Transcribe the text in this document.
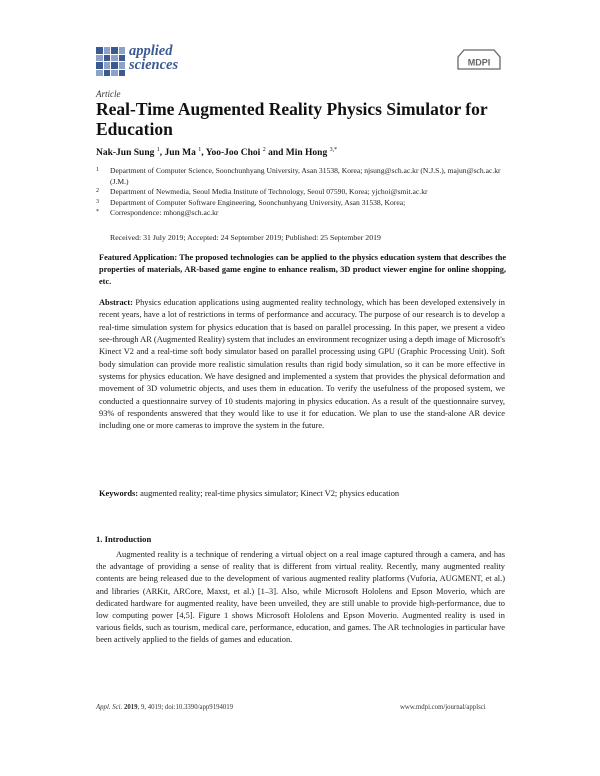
applied
sciences	MDPI
Article
Real-Time Augmented Reality Physics Simulator for Education
Nak-Jun Sung $^1$, Jun Ma $^1$, Yoo-Joo Choi $^2$ and Min Hong $^{3,*}$
1	Department of Computer Science, Soonchunhyang University, Asan 31538, Korea; njsung@sch.ac.kr (N.J.S.), majun@sch.ac.kr (J.M.)
2	Department of Newmedia, Seoul Media Institute of Technology, Seoul 07590, Korea; yjchoi@smit.ac.kr
3	Department of Computer Software Engineering, Soonchunhyang University, Asan 31538, Korea;
*	Correspondence: mhong@sch.ac.kr
Received: 31 July 2019; Accepted: 24 September 2019; Published: 25 September 2019
Featured Application: The proposed technologies can be applied to the physics education system that describes the properties of materials, AR-based game engine to enhance realism, 3D product viewer engine for online shopping, etc.
Abstract: Physics education applications using augmented reality technology, which has been developed extensively in recent years, have a lot of restrictions in terms of performance and accuracy. The purpose of our research is to develop a real-time simulation system for physics education that is based on parallel processing. In this paper, we present a video see-through AR (Augmented Reality) system that includes an environment recognizer using a depth image of Microsoft's Kinect V2 and a real-time soft body simulator based on parallel processing using GPU (Graphic Processing Unit). Soft body simulation can provide more realistic simulation results than rigid body simulation, so it can be more effective in systems for physics education. We have designed and implemented a system that provides the physical deformation and movement of 3D volumetric objects, and uses them in education. To verify the usefulness of the proposed system, we conducted a questionnaire survey of 10 students majoring in physics education. As a result of the questionnaire survey, 93% of respondents answered that they would like to use it for education. We plan to use the stand-alone AR device including one or more cameras to improve the system in the future.
Keywords: augmented reality; real-time physics simulator; Kinect V2; physics education
1. Introduction
Augmented reality is a technique of rendering a virtual object on a real image captured through a camera, and has the advantage of providing a sense of reality that is different from virtual reality. Recently, many augmented reality contents are being released due to the development of various augmented reality platforms (Vuforia, AUGMENT, et al.) and libraries (ARKit, ARCore, Maxst, et al.) [1–3]. Also, while Microsoft Hololens and Epson Moverio, which are dedicated hardware for augmented reality, have been unveiled, they are still unable to provide high-performance, due to low computing power [4,5]. Figure 1 shows Microsoft Hololens and Epson Moverio. Augmented reality is used in various fields, such as tourism, medical care, performance, education, and games. The AR technologies in particular have been actively applied to the fields of games and education.
Appl. Sci. 2019, 9, 4019; doi:10.3390/app9194019	www.mdpi.com/journal/applsci
